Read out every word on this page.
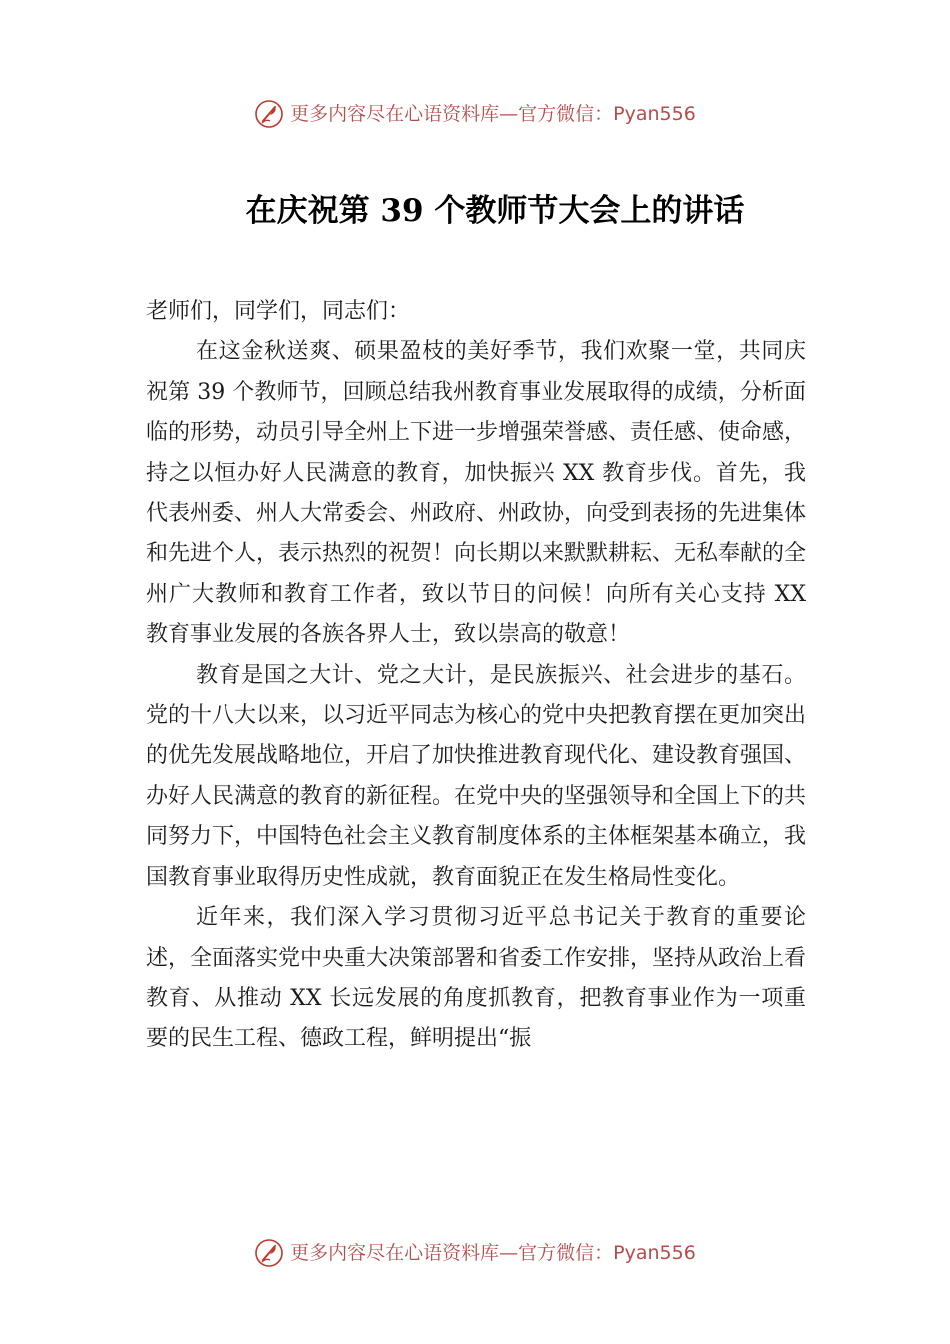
更多内容尽在心语资料库—官方微信：Pyan556
在庆祝第 39 个教师节大会上的讲话

老师们，同学们，同志们：

在这金秋送爽、硕果盈枝的美好季节，我们欢聚一堂，共同庆祝第 39 个教师节，回顾总结我州教育事业发展取得的成绩，分析面临的形势，动员引导全州上下进一步增强荣誉感、责任感、使命感，持之以恒办好人民满意的教育，加快振兴 XX 教育步伐。首先，我代表州委、州人大常委会、州政府、州政协，向受到表扬的先进集体和先进个人，表示热烈的祝贺！向长期以来默默耕耘、无私奉献的全州广大教师和教育工作者，致以节日的问候！向所有关心支持 XX 教育事业发展的各族各界人士，致以崇高的敬意！

教育是国之大计、党之大计，是民族振兴、社会进步的基石。党的十八大以来，以习近平同志为核心的党中央把教育摆在更加突出的优先发展战略地位，开启了加快推进教育现代化、建设教育强国、办好人民满意的教育的新征程。在党中央的坚强领导和全国上下的共同努力下，中国特色社会主义教育制度体系的主体框架基本确立，我国教育事业取得历史性成就，教育面貌正在发生格局性变化。

近年来，我们深入学习贯彻习近平总书记关于教育的重要论述，全面落实党中央重大决策部署和省委工作安排，坚持从政治上看教育、从推动 XX 长远发展的角度抓教育，把教育事业作为一项重要的民生工程、德政工程，鲜明提出“振

更多内容尽在心语资料库—官方微信：Pyan556
